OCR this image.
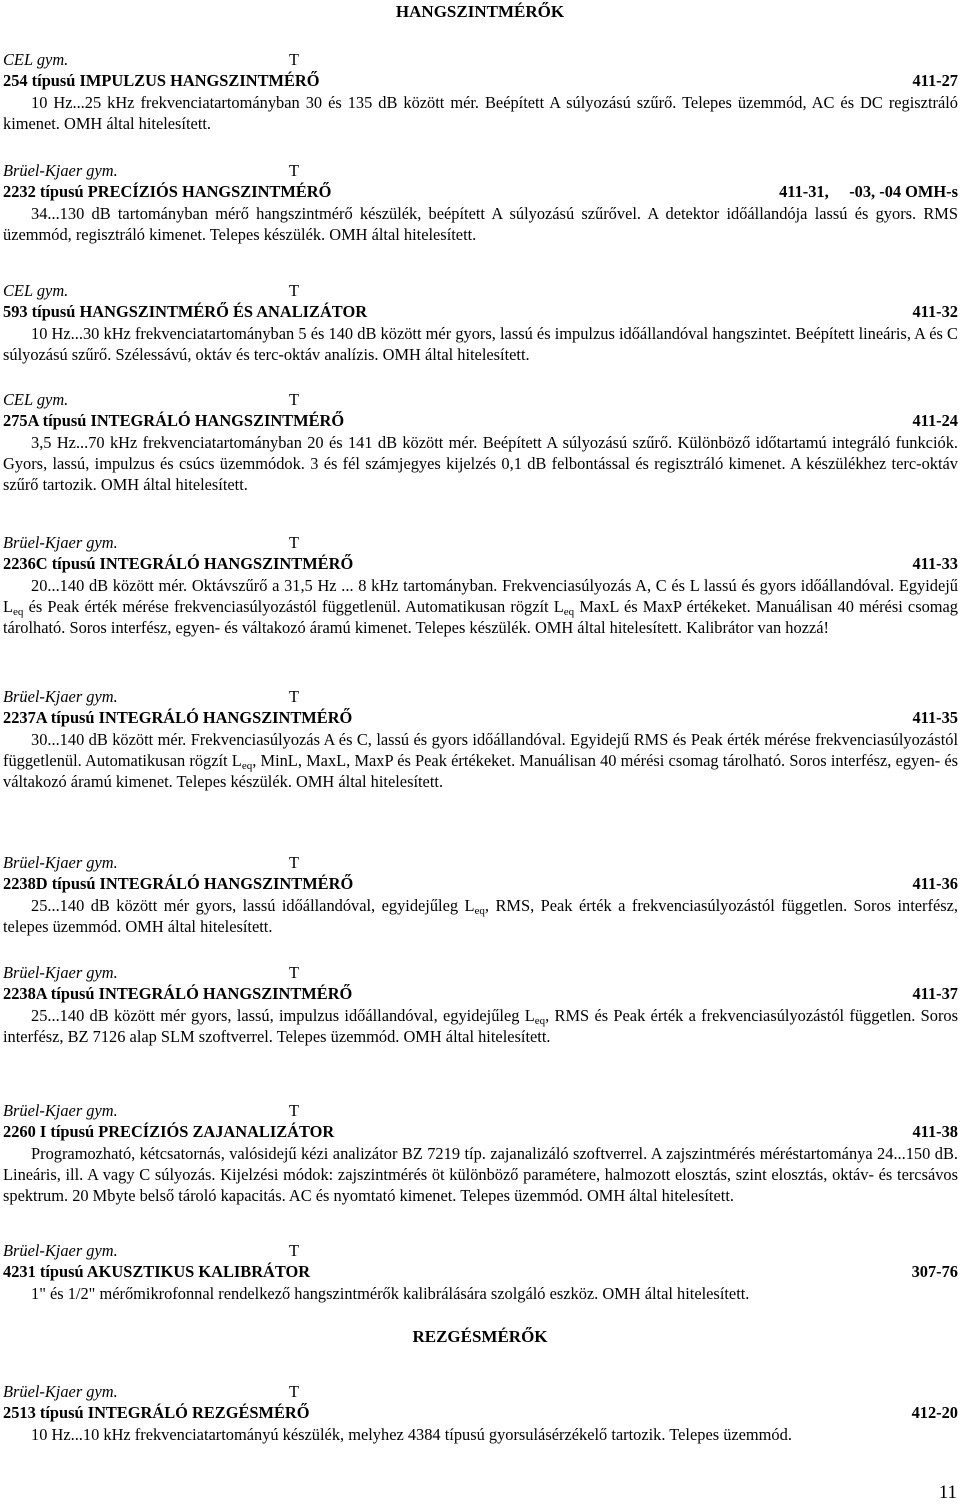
HANGSZINTMÉRŐK
CEL gym.	T
254 típusú IMPULZUS HANGSZINTMÉRŐ	411-27
10 Hz...25 kHz frekvenciatartományban 30 és 135 dB között mér. Beépített A súlyozású szűrő. Telepes üzemmód, AC és DC regisztráló kimenet. OMH által hitelesített.
Brüel-Kjaer gym.	T
2232 típusú PRECÍZIÓS HANGSZINTMÉRŐ	411-31,     -03, -04 OMH-s
34...130 dB tartományban mérő hangszintmérő készülék, beépített A súlyozású szűrővel. A detektor időállandója lassú és gyors. RMS üzemmód, regisztráló kimenet. Telepes készülék. OMH által hitelesített.
CEL gym.	T
593 típusú HANGSZINTMÉRŐ ÉS ANALIZÁTOR	411-32
10 Hz...30 kHz frekvenciatartományban 5 és 140 dB között mér gyors, lassú és impulzus időállandóval hangszintet. Beépített lineáris, A és C súlyozású szűrő. Szélessávú, oktáv és terc-oktáv analízis. OMH által hitelesített.
CEL gym.	T
275A típusú INTEGRÁLÓ HANGSZINTMÉRŐ	411-24
3,5 Hz...70 kHz frekvenciatartományban 20 és 141 dB között mér. Beépített A súlyozású szűrő. Különböző időtartamú integráló funkciók. Gyors, lassú, impulzus és csúcs üzemmódok. 3 és fél számjegyes kijelzés 0,1 dB felbontással és regisztráló kimenet. A készülékhez terc-oktáv szűrő tartozik. OMH által hitelesített.
Brüel-Kjaer gym.	T
2236C típusú INTEGRÁLÓ HANGSZINTMÉRŐ	411-33
20...140 dB között mér. Oktávszűrő a 31,5 Hz ... 8 kHz tartományban. Frekvenciasúlyozás A, C és L lassú és gyors időállandóval. Egyidejű $L_{eq}$ és Peak érték mérése frekvenciasúlyozástól függetlenül. Automatikusan rögzít $L_{eq}$ MaxL és MaxP értékeket. Manuálisan 40 mérési csomag tárolható. Soros interfész, egyen- és váltakozó áramú kimenet. Telepes készülék. OMH által hitelesített. Kalibrátor van hozzá!
Brüel-Kjaer gym.	T
2237A típusú INTEGRÁLÓ HANGSZINTMÉRŐ	411-35
30...140 dB között mér. Frekvenciasúlyozás A és C, lassú és gyors időállandóval. Egyidejű RMS és Peak érték mérése frekvenciasúlyozástól függetlenül. Automatikusan rögzít $L_{eq}$, MinL, MaxL, MaxP és Peak értékeket. Manuálisan 40 mérési csomag tárolható. Soros interfész, egyen- és váltakozó áramú kimenet. Telepes készülék. OMH által hitelesített.
Brüel-Kjaer gym.	T
2238D típusú INTEGRÁLÓ HANGSZINTMÉRŐ	411-36
25...140 dB között mér gyors, lassú időállandóval, egyidejűleg $L_{eq}$, RMS, Peak érték a frekvenciasúlyozástól független. Soros interfész, telepes üzemmód. OMH által hitelesített.
Brüel-Kjaer gym.	T
2238A típusú INTEGRÁLÓ HANGSZINTMÉRŐ	411-37
25...140 dB között mér gyors, lassú, impulzus időállandóval, egyidejűleg $L_{eq}$, RMS és Peak érték a frekvenciasúlyozástól független. Soros interfész, BZ 7126 alap SLM szoftverrel. Telepes üzemmód. OMH által hitelesített.
Brüel-Kjaer gym.	T
2260 I típusú PRECÍZIÓS ZAJANALIZÁTOR	411-38
Programozható, kétcsatornás, valósidejű kézi analizátor BZ 7219 típ. zajanalizáló szoftverrel. A zajszintmérés méréstartománya 24...150 dB. Lineáris, ill. A vagy C súlyozás. Kijelzési módok: zajszintmérés öt különböző paramétere, halmozott elosztás, szint elosztás, oktáv- és tercsávos spektrum. 20 Mbyte belső tároló kapacitás. AC és nyomtató kimenet. Telepes üzemmód. OMH által hitelesített.
Brüel-Kjaer gym.	T
4231 típusú AKUSZTIKUS KALIBRÁTOR	307-76
1" és 1/2" mérőmikrofonnal rendelkező hangszintmérők kalibrálására szolgáló eszköz. OMH által hitelesített.
REZGÉSMÉRŐK
Brüel-Kjaer gym.	T
2513 típusú INTEGRÁLÓ REZGÉSMÉRŐ	412-20
10 Hz...10 kHz frekvenciatartományú készülék, melyhez 4384 típusú gyorsulásérzékelő tartozik. Telepes üzemmód.
11
